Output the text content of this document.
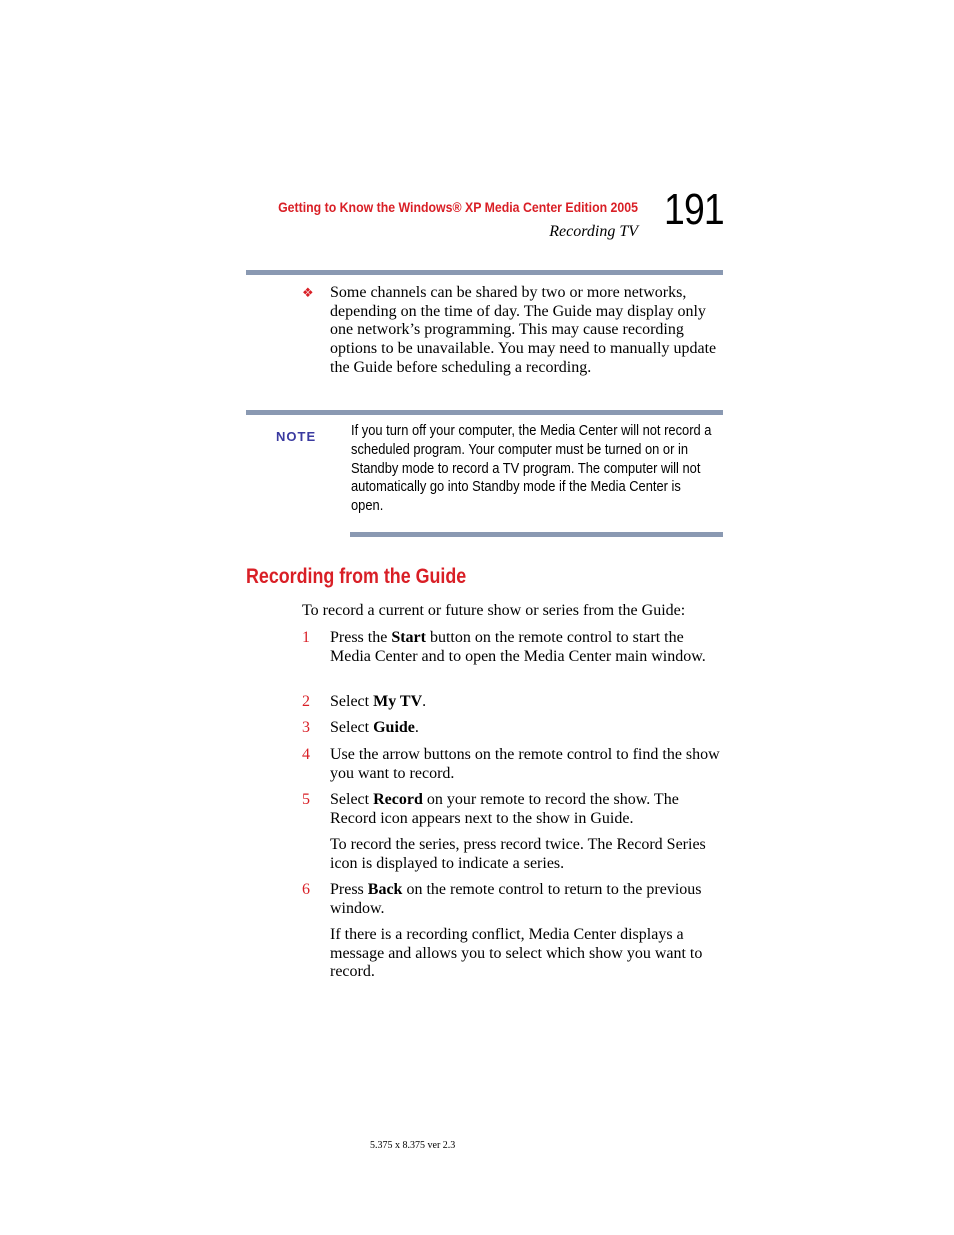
Getting to Know the Windows® XP Media Center Edition 2005
Recording TV 191
❖ Some channels can be shared by two or more networks, depending on the time of day. The Guide may display only one network’s programming. This may cause recording options to be unavailable. You may need to manually update the Guide before scheduling a recording.
NOTE If you turn off your computer, the Media Center will not record a scheduled program. Your computer must be turned on or in Standby mode to record a TV program. The computer will not automatically go into Standby mode if the Media Center is open.
Recording from the Guide
To record a current or future show or series from the Guide:
1 Press the Start button on the remote control to start the Media Center and to open the Media Center main window.
2 Select My TV.
3 Select Guide.
4 Use the arrow buttons on the remote control to find the show you want to record.
5 Select Record on your remote to record the show. The Record icon appears next to the show in Guide.
To record the series, press record twice. The Record Series icon is displayed to indicate a series.
6 Press Back on the remote control to return to the previous window.
If there is a recording conflict, Media Center displays a message and allows you to select which show you want to record.
5.375 x 8.375 ver 2.3
